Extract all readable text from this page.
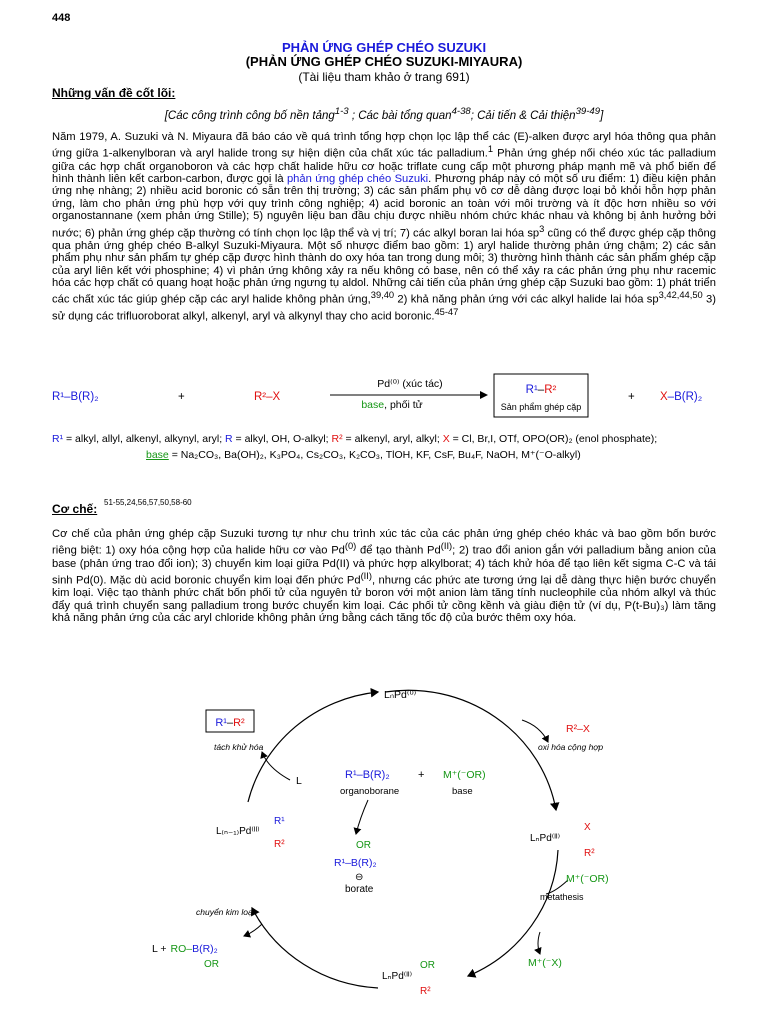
448
PHẢN ỨNG GHÉP CHÉO SUZUKI
(PHẢN ỨNG GHÉP CHÉO SUZUKI-MIYAURA)
(Tài liệu tham khảo ở trang 691)
Những vấn đề cốt lõi:
[Các công trình công bố nền tảng$^{1-3}$ ; Các bài tổng quan$^{4-38}$; Cải tiến & Cải thiện$^{39-49}$]
Năm 1979, A. Suzuki và N. Miyaura đã báo cáo về quá trình tổng hợp chọn lọc lập thể các (E)-alken được aryl hóa thông qua phản ứng giữa 1-alkenylboran và aryl halide trong sự hiện diện của chất xúc tác palladium.$^1$ Phản ứng ghép nối chéo xúc tác palladium giữa các hợp chất organoboron và các hợp chất halide hữu cơ hoặc triflate cung cấp một phương pháp mạnh mẽ và phổ biến để hình thành liên kết carbon-carbon, được gọi là phản ứng ghép chéo Suzuki. Phương pháp này có một số ưu điểm: 1) điều kiện phản ứng nhẹ nhàng; 2) nhiều acid boronic có sẵn trên thị trường; 3) các sản phẩm phụ vô cơ dễ dàng được loại bỏ khỏi hỗn hợp phản ứng, làm cho phản ứng phù hợp với quy trình công nghiệp; 4) acid boronic an toàn với môi trường và ít độc hơn nhiều so với organostannane (xem phản ứng Stille); 5) nguyên liệu ban đầu chịu được nhiều nhóm chức khác nhau và không bị ảnh hưởng bởi nước; 6) phản ứng ghép cặp thường có tính chọn lọc lập thể và vị trí; 7) các alkyl boran lai hóa $sp^3$ cũng có thể được ghép cặp thông qua phản ứng ghép chéo B-alkyl Suzuki-Miyaura. Một số nhược điểm bao gồm: 1) aryl halide thường phản ứng chậm; 2) các sản phẩm phụ như sản phẩm tự ghép cặp được hình thành do oxy hóa tan trong dung môi; 3) thường hình thành các sản phẩm ghép cặp của aryl liên kết với phosphine; 4) vì phản ứng không xảy ra nếu không có base, nên có thể xảy ra các phản ứng phụ như racemic hóa các hợp chất có quang hoạt hoặc phản ứng ngưng tụ aldol. Những cải tiến của phản ứng ghép cặp Suzuki bao gồm: 1) phát triển các chất xúc tác giúp ghép cặp các aryl halide không phản ứng,$^{39,40}$ 2) khả năng phản ứng với các alkyl halide lai hóa sp$^{3,42,44,50}$ 3) sử dụng các trifluoroborat alkyl, alkenyl, aryl và alkynyl thay cho acid boronic.$^{45-47}$
R¹–B(R)₂	+	R²–X
Pd⁽⁰⁾ (xúc tác)
base, phối tử
R¹–R²
Sản phẩm ghép cặp
+ X–B(R)₂
R¹ = alkyl, allyl, alkenyl, alkynyl, aryl; R = alkyl, OH, O-alkyl; R² = alkenyl, aryl, alkyl; X = Cl, Br,I, OTf, OPO(OR)₂ (enol phosphate);
base = Na₂CO₃, Ba(OH)₂, K₃PO₄, Cs₂CO₃, K₂CO₃, TlOH, KF, CsF, Bu₄F, NaOH, M⁺(⁻O-alkyl)
Cơ chế: 51-55,24,56,57,50,58-60
Cơ chế của phản ứng ghép cặp Suzuki tương tự như chu trình xúc tác của các phản ứng ghép chéo khác và bao gồm bốn bước riêng biệt: 1) oxy hóa cộng hợp của halide hữu cơ vào Pd$^{(0)}$ để tạo thành $Pd^{(II)}$; 2) trao đổi anion gắn với palladium bằng anion của base (phản ứng trao đổi ion); 3) chuyển kim loại giữa Pd(II) và phức hợp alkylborat; 4) tách khử hóa để tạo liên kết sigma C-C và tái sinh Pd(0). Mặc dù acid boronic chuyển kim loại đến phức $Pd^{(II)}$, nhưng các phức ate tương ứng lại dễ dàng thực hiện bước chuyển kim loại. Việc tạo thành phức chất bốn phối tử của nguyên tử boron với một anion làm tăng tính nucleophile của nhóm alkyl và thúc đẩy quá trình chuyển sang palladium trong bước chuyển kim loại. Các phối tử cồng kềnh và giàu điện tử (ví dụ, P(t-Bu)₃) làm tăng khả năng phản ứng của các aryl chloride không phản ứng bằng cách tăng tốc độ của bước thêm oxy hóa.
LₙPd⁽⁰⁾
R¹–R²
tách khử hóa
L	R¹–B(R)₂
organoborane
+ M⁺(⁻OR)
base
R²–X
oxi hóa cộng hợp
L₍ₙ₋₁₎Pd⁽ᴵᴵ⁾
R¹
R²
LₙPd⁽ᴵᴵ⁾
X
R²
OR
R¹–B(R)₂
⊖
borate
M⁺(⁻OR)
metathesis
M⁺(⁻X)
chuyển kim loại
L + RO–B(R)₂
OR
LₙPd⁽ᴵᴵ⁾
OR
R²
